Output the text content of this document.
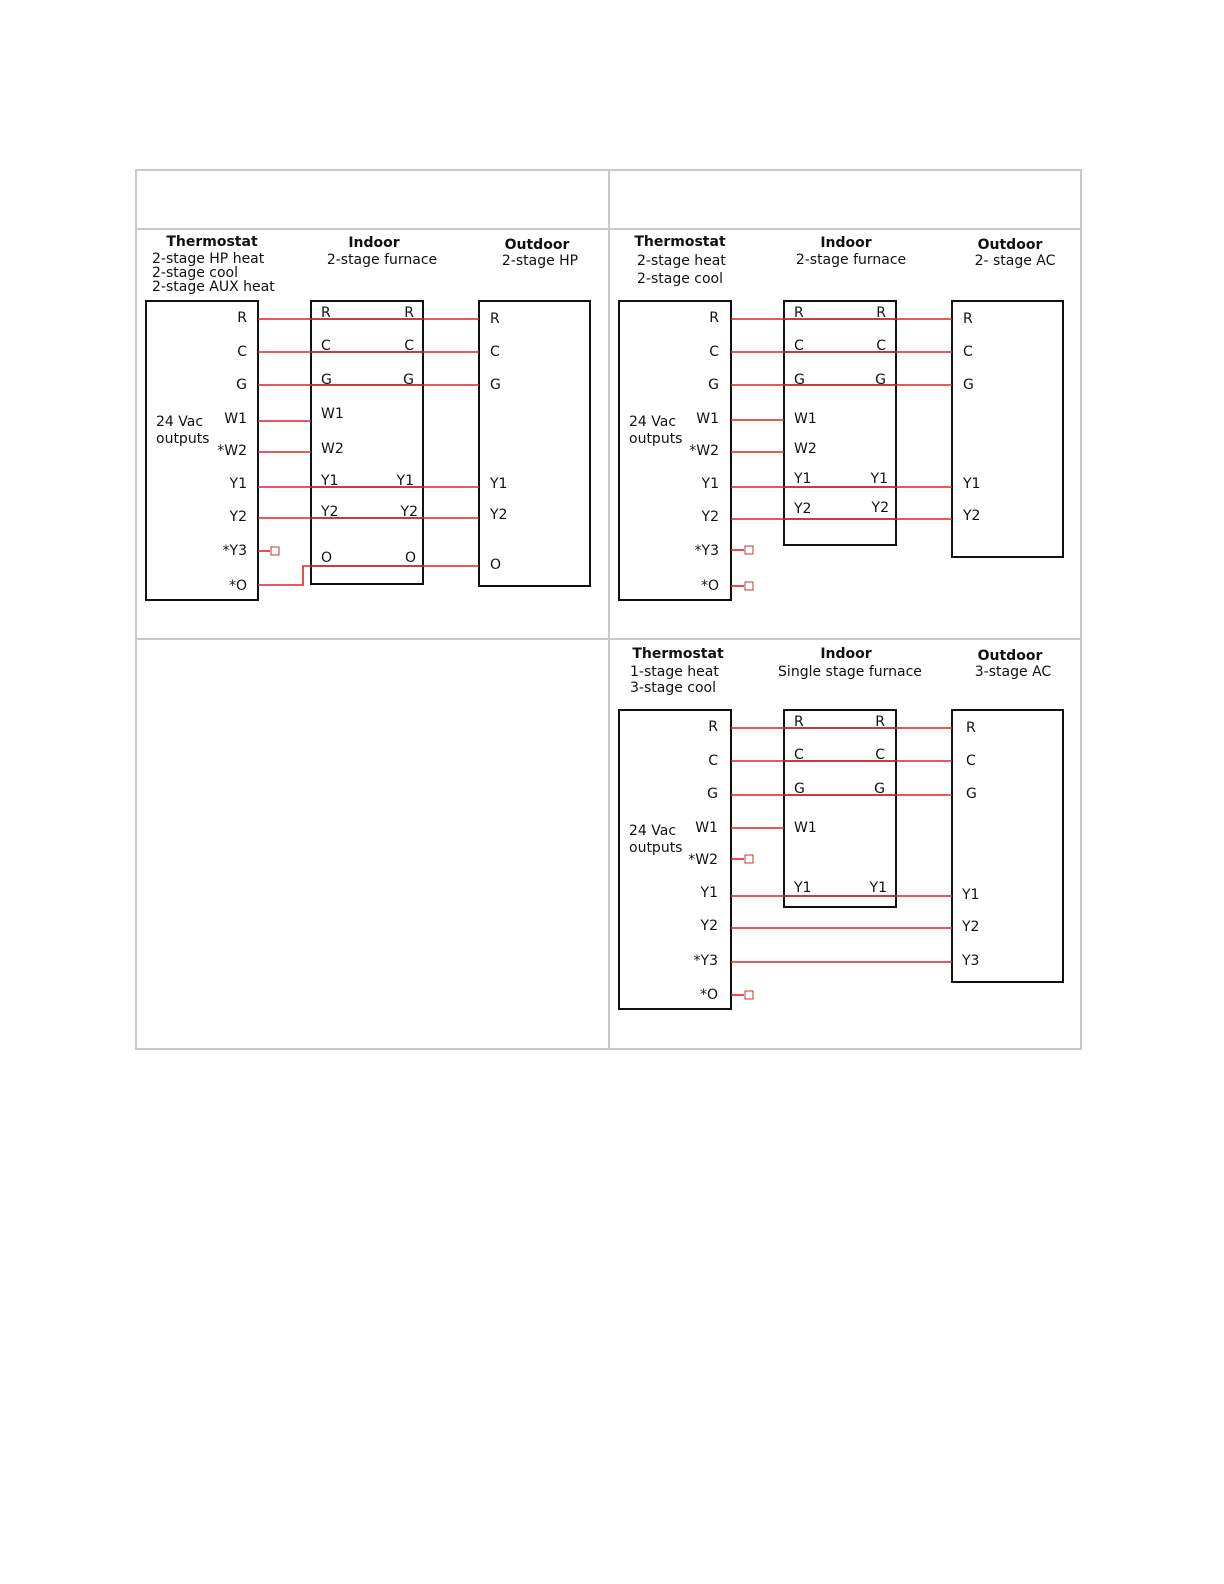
Thermostat
2-stage HP heat
2-stage cool
2-stage AUX heat
Indoor
2-stage furnace
Outdoor
2-stage HP
24 Vac
outputs
R
C
G
W1
*W2
Y1
Y2
*Y3
*O
R
C
G
W1
W2
Y1
Y2
O
R
C
G
Y1
Y2
O
R
C
G
Y1
Y2
O
Thermostat
2-stage heat
2-stage cool
Indoor
2-stage furnace
Outdoor
2- stage AC
24 Vac
outputs
R
C
G
W1
*W2
Y1
Y2
*Y3
*O
R
C
G
W1
W2
Y1
Y2
R
C
G
Y1
Y2
R
C
G
Y1
Y2
Thermostat
1-stage heat
3-stage cool
Indoor
Single stage furnace
Outdoor
3-stage AC
24 Vac
outputs
R
C
G
W1
*W2
Y1
Y2
*Y3
*O
R
C
G
W1
Y1
R
C
G
Y1
R
C
G
Y1
Y2
Y3
